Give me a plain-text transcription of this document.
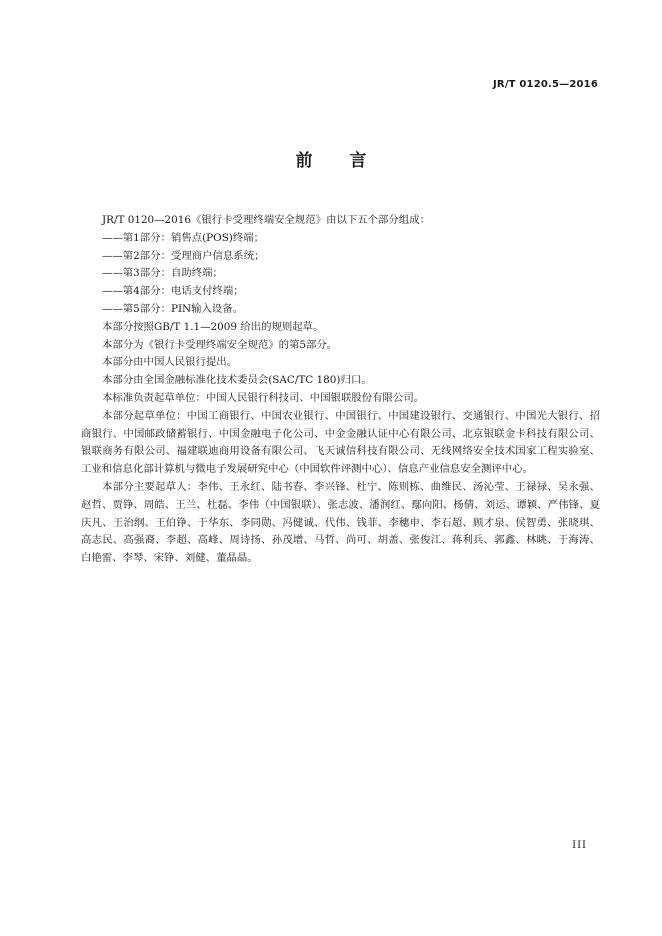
JR/T 0120.5—2016
前　言

JR/T 0120—2016《银行卡受理终端安全规范》由以下五个部分组成：

——第1部分：销售点(POS)终端；

——第2部分：受理商户信息系统；

——第3部分：自助终端；

——第4部分：电话支付终端；

——第5部分：PIN输入设备。

本部分按照GB/T 1.1—2009 给出的规则起草。

本部分为《银行卡受理终端安全规范》的第5部分。

本部分由中国人民银行提出。

本部分由全国金融标准化技术委员会(SAC/TC 180)归口。

本标准负责起草单位：中国人民银行科技司、中国银联股份有限公司。

本部分起草单位：中国工商银行、中国农业银行、中国银行、中国建设银行、交通银行、中国光大银行、招商银行、中国邮政储蓄银行、中国金融电子化公司、中金金融认证中心有限公司、北京银联金卡科技有限公司、银联商务有限公司、福建联迪商用设备有限公司、飞天诚信科技有限公司、无线网络安全技术国家工程实验室、工业和信息化部计算机与微电子发展研究中心（中国软件评测中心）、信息产业信息安全测评中心。

本部分主要起草人：李伟、王永红、陆书春、李兴锋、杜宁、陈则栋、曲维民、汤沁莹、王禄禄、吴永强、赵哲、贾铮、周皓、王兰、杜磊、李伟（中国银联）、张志波、潘润红、鄢向阳、杨倩、刘运、谭颖、严伟锋、夏庆凡、王治纲、王伯铮、于华东、李同勋、冯健诚、代伟、钱菲、李穗申、李石超、顾才泉、侯智勇、张晓琪、高志民、高强裔、李超、高峰、周诗扬、孙茂增、马哲、尚可、胡盖、张俊江、蒋利兵、郭鑫、林眺、于海涛、白艳雷、李琴、宋铮、刘健、董晶晶。

III
